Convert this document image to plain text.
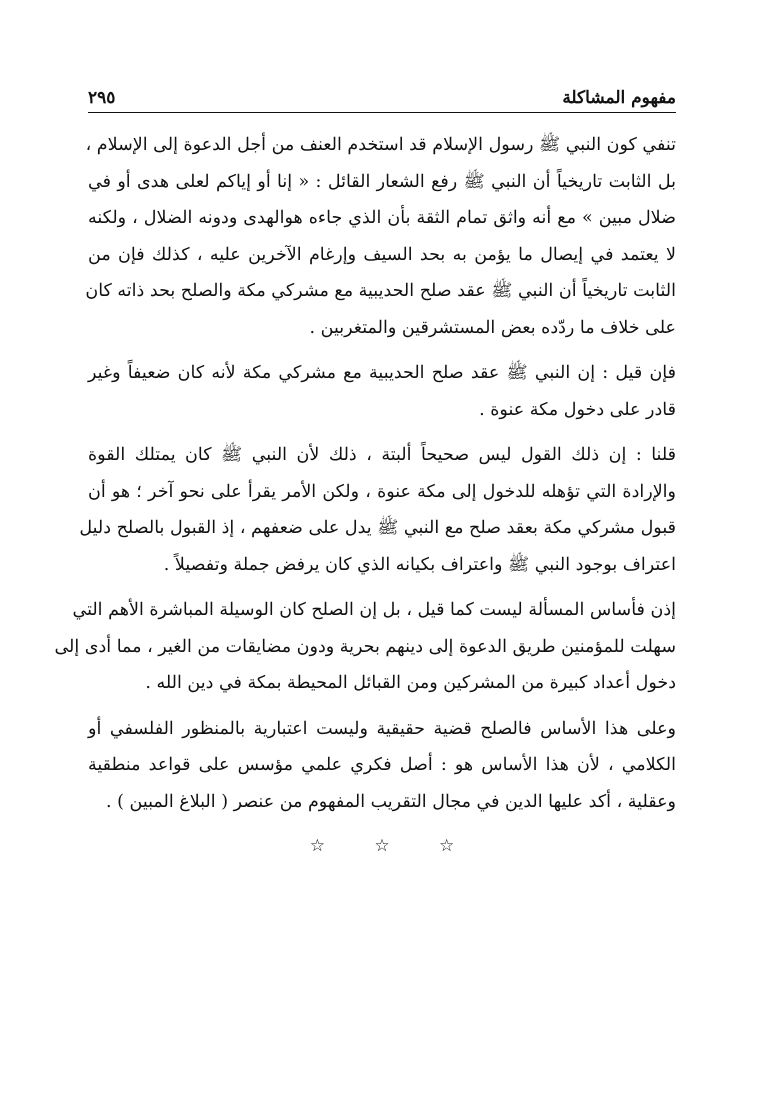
مفهوم المشاكلة
٢٩٥

تنفي كون النبي ﷺ رسول الإسلام قد استخدم العنف من أجل الدعوة إلى الإسلام ،
بل الثابت تاريخياً أن النبي ﷺ رفع الشعار القائل : « إنا أو إياكم لعلى هدى أو في
ضلال مبين » مع أنه واثق تمام الثقة بأن الذي جاءه هوالهدى ودونه الضلال ، ولكنه
لا يعتمد في إيصال ما يؤمن به بحد السيف وإرغام الآخرين عليه ، كذلك فإن من
الثابت تاريخياً أن النبي ﷺ عقد صلح الحديبية مع مشركي مكة والصلح بحد ذاته كان
على خلاف ما ردّده بعض المستشرقين والمتغربين .

فإن قيل : إن النبي ﷺ عقد صلح الحديبية مع مشركي مكة لأنه كان ضعيفاً وغير
قادر على دخول مكة عنوة .

قلنا : إن ذلك القول ليس صحيحاً ألبتة ، ذلك لأن النبي ﷺ كان يمتلك القوة
والإرادة التي تؤهله للدخول إلى مكة عنوة ، ولكن الأمر يقرأ على نحو آخر ؛ هو أن
قبول مشركي مكة بعقد صلح مع النبي ﷺ يدل على ضعفهم ، إذ القبول بالصلح دليل
اعتراف بوجود النبي ﷺ واعتراف بكيانه الذي كان يرفض جملة وتفصيلاً .

إذن فأساس المسألة ليست كما قيل ، بل إن الصلح كان الوسيلة المباشرة الأهم التي
سهلت للمؤمنين طريق الدعوة إلى دينهم بحرية ودون مضايقات من الغير ، مما أدى إلى
دخول أعداد كبيرة من المشركين ومن القبائل المحيطة بمكة في دين الله .

وعلى هذا الأساس فالصلح قضية حقيقية وليست اعتبارية بالمنظور الفلسفي أو
الكلامي ، لأن هذا الأساس هو : أصل فكري علمي مؤسس على قواعد منطقية
وعقلية ، أكد عليها الدين في مجال التقريب المفهوم من عنصر ( البلاغ المبين ) .

☆	☆	☆
